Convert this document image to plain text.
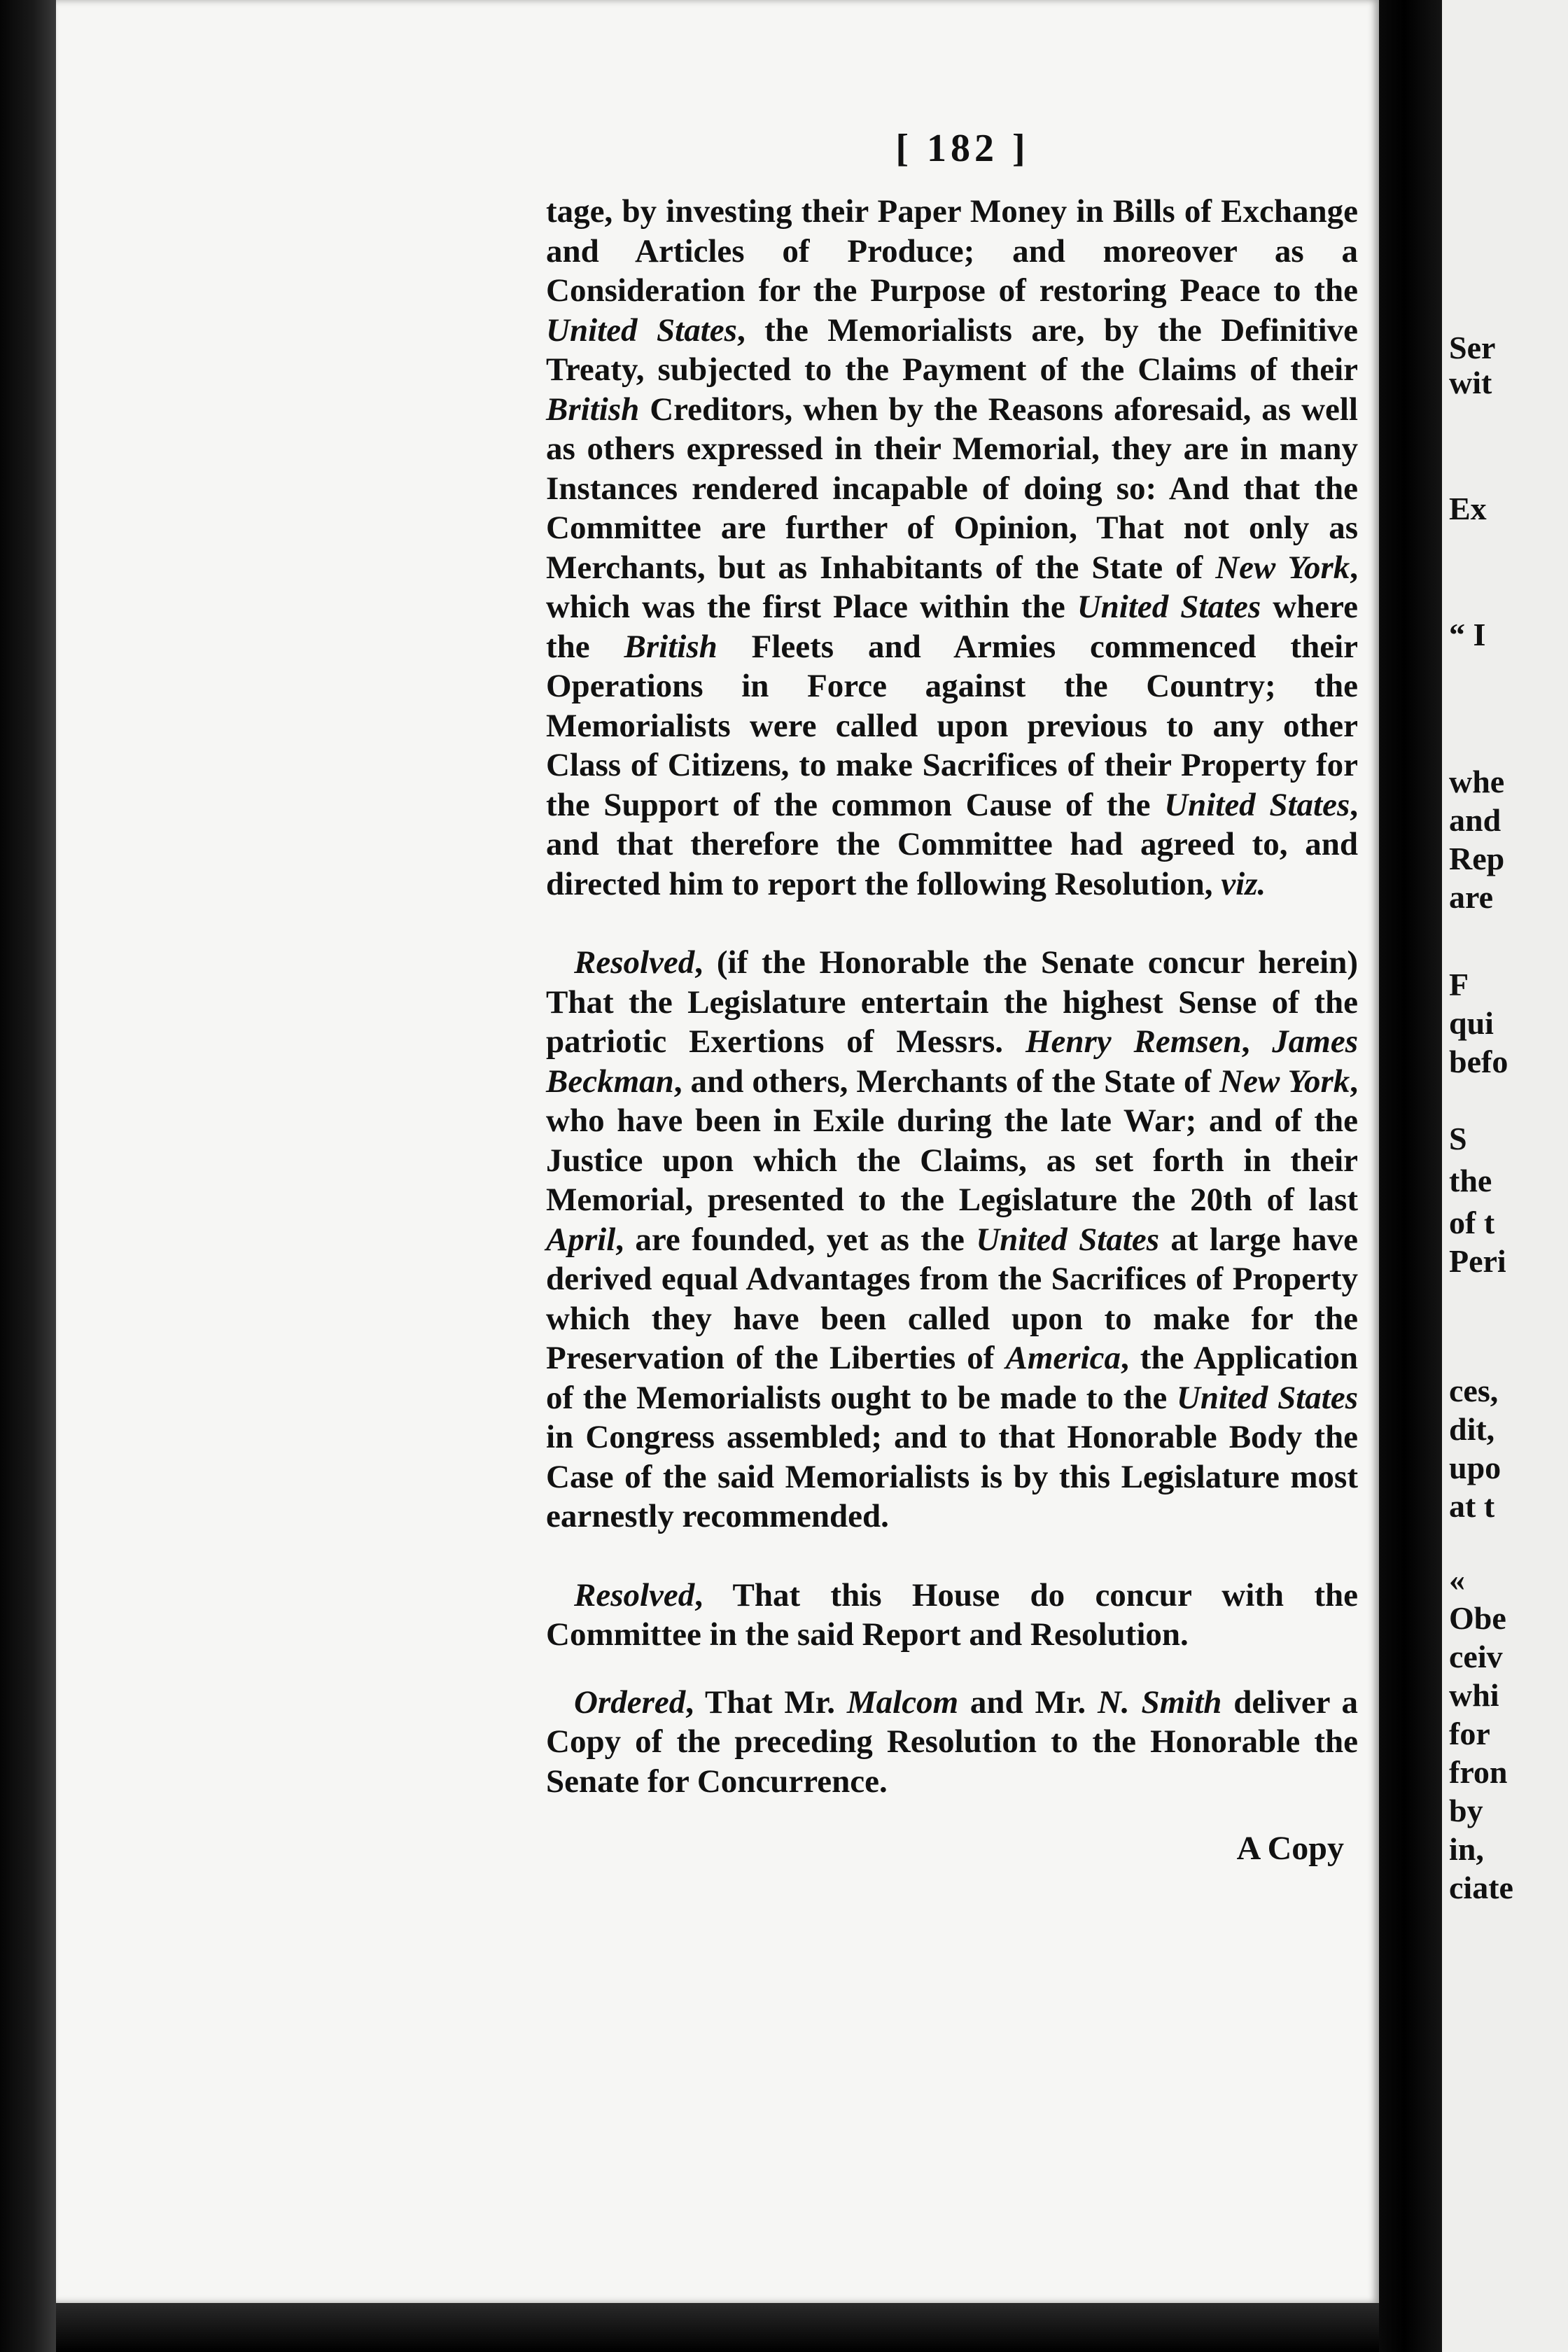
[ 182 ]

tage, by investing their Paper Money in Bills of Exchange and Articles of Produce; and moreover as a Consideration for the Purpose of restoring Peace to the United States, the Memorialists are, by the Definitive Treaty, subjected to the Payment of the Claims of their British Creditors, when by the Reasons aforesaid, as well as others expressed in their Memorial, they are in many Instances rendered incapable of doing so: And that the Committee are further of Opinion, That not only as Merchants, but as Inhabitants of the State of New York, which was the first Place within the United States where the British Fleets and Armies commenced their Operations in Force against the Country; the Memorialists were called upon previous to any other Class of Citizens, to make Sacrifices of their Property for the Support of the common Cause of the United States, and that therefore the Committee had agreed to, and directed him to report the following Resolution, viz.

Resolved, (if the Honorable the Senate concur herein) That the Legislature entertain the highest Sense of the patriotic Exertions of Messrs. Henry Remsen, James Beckman, and others, Merchants of the State of New York, who have been in Exile during the late War; and of the Justice upon which the Claims, as set forth in their Memorial, presented to the Legislature the 20th of last April, are founded, yet as the United States at large have derived equal Advantages from the Sacrifices of Property which they have been called upon to make for the Preservation of the Liberties of America, the Application of the Memorialists ought to be made to the United States in Congress assembled; and to that Honorable Body the Case of the said Memorialists is by this Legislature most earnestly recommended.

Resolved, That this House do concur with the Committee in the said Report and Resolution.

Ordered, That Mr. Malcom and Mr. N. Smith deliver a Copy of the preceding Resolution to the Honorable the Senate for Concurrence.

A Copy
Ser
wit
Ex
“ I
whe
and
Rep
are
F
qui
befo
S
the
of t
Peri
ces,
dit,
upo
at t
«
Obe
ceiv
whi
for
fron
by
in,
ciate
